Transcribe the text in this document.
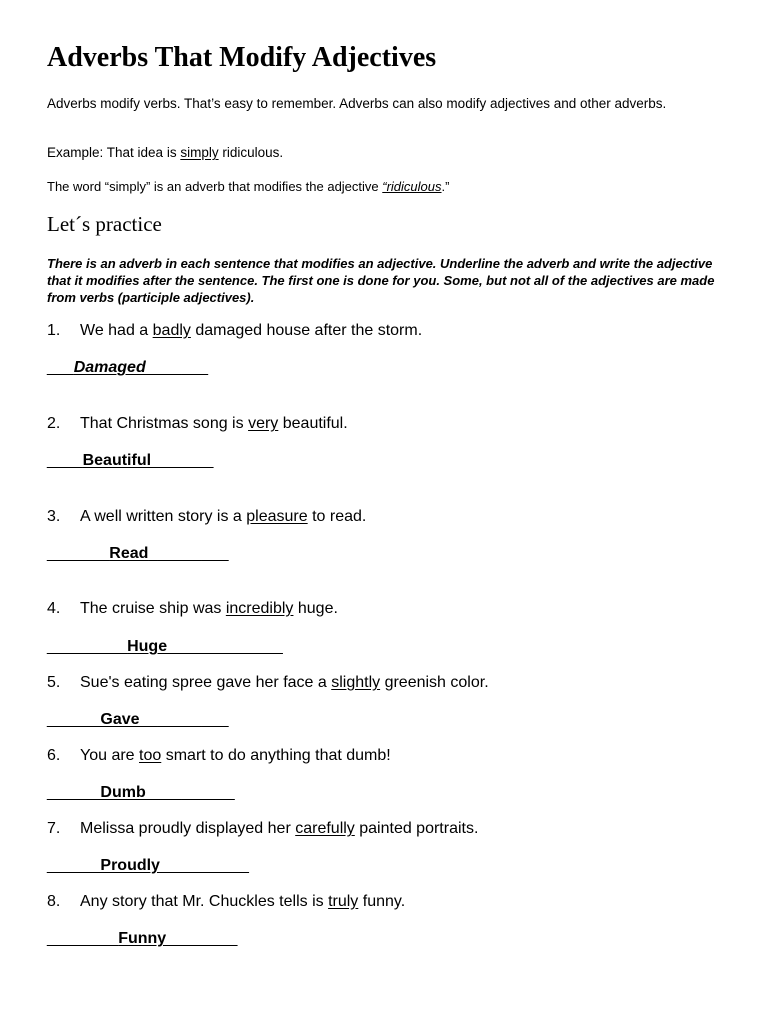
Adverbs That Modify Adjectives
Adverbs modify verbs. That’s easy to remember. Adverbs can also modify adjectives and other adverbs.
Example: That idea is simply ridiculous.
The word “simply” is an adverb that modifies the adjective “ridiculous.”
Let´s practice
There is an adverb in each sentence that modifies an adjective. Underline the adverb and write the adjective that it modifies after the sentence. The first one is done for you. Some, but not all of the adjectives are made from verbs (participle adjectives).
1. We had a badly damaged house after the storm.
___Damaged_______
2. That Christmas song is very beautiful.
____Beautiful_______
3. A well written story is a pleasure to read.
_______Read_________
4. The cruise ship was incredibly huge.
_________Huge_____________
5. Sue's eating spree gave her face a slightly greenish color.
______Gave__________
6. You are too smart to do anything that dumb!
______Dumb__________
7. Melissa proudly displayed her carefully painted portraits.
______Proudly__________
8. Any story that Mr. Chuckles tells is truly funny.
________Funny________
